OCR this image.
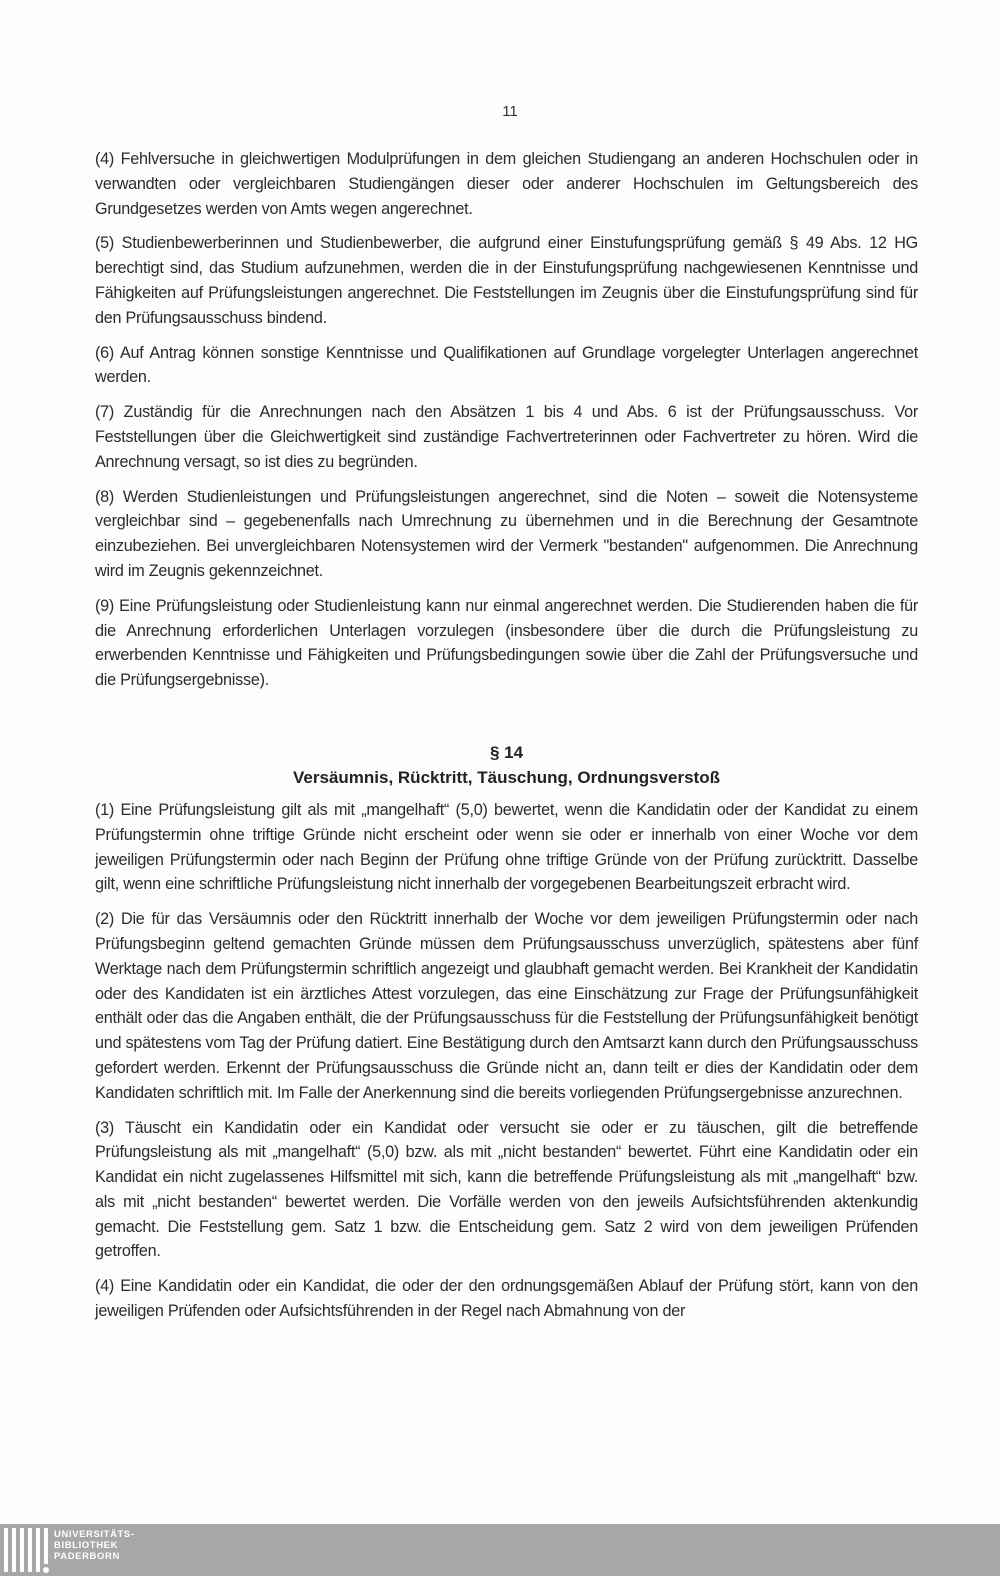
11

(4) Fehlversuche in gleichwertigen Modulprüfungen in dem gleichen Studiengang an anderen Hochschulen oder in verwandten oder vergleichbaren Studiengängen dieser oder anderer Hochschulen im Geltungsbereich des Grundgesetzes werden von Amts wegen angerechnet.

(5) Studienbewerberinnen und Studienbewerber, die aufgrund einer Einstufungsprüfung gemäß § 49 Abs. 12 HG berechtigt sind, das Studium aufzunehmen, werden die in der Einstufungsprüfung nachgewiesenen Kenntnisse und Fähigkeiten auf Prüfungsleistungen angerechnet. Die Feststellungen im Zeugnis über die Einstufungsprüfung sind für den Prüfungsausschuss bindend.

(6) Auf Antrag können sonstige Kenntnisse und Qualifikationen auf Grundlage vorgelegter Unterlagen angerechnet werden.

(7) Zuständig für die Anrechnungen nach den Absätzen 1 bis 4 und Abs. 6 ist der Prüfungsausschuss. Vor Feststellungen über die Gleichwertigkeit sind zuständige Fachvertreterinnen oder Fachvertreter zu hören. Wird die Anrechnung versagt, so ist dies zu begründen.

(8) Werden Studienleistungen und Prüfungsleistungen angerechnet, sind die Noten – soweit die Notensysteme vergleichbar sind – gegebenenfalls nach Umrechnung zu übernehmen und in die Berechnung der Gesamtnote einzubeziehen. Bei unvergleichbaren Notensystemen wird der Vermerk "bestanden" aufgenommen. Die Anrechnung wird im Zeugnis gekennzeichnet.

(9) Eine Prüfungsleistung oder Studienleistung kann nur einmal angerechnet werden. Die Studierenden haben die für die Anrechnung erforderlichen Unterlagen vorzulegen (insbesondere über die durch die Prüfungsleistung zu erwerbenden Kenntnisse und Fähigkeiten und Prüfungsbedingungen sowie über die Zahl der Prüfungsversuche und die Prüfungsergebnisse).

§ 14
Versäumnis, Rücktritt, Täuschung, Ordnungsverstoß

(1) Eine Prüfungsleistung gilt als mit „mangelhaft“ (5,0) bewertet, wenn die Kandidatin oder der Kandidat zu einem Prüfungstermin ohne triftige Gründe nicht erscheint oder wenn sie oder er innerhalb von einer Woche vor dem jeweiligen Prüfungstermin oder nach Beginn der Prüfung ohne triftige Gründe von der Prüfung zurücktritt. Dasselbe gilt, wenn eine schriftliche Prüfungsleistung nicht innerhalb der vorgegebenen Bearbeitungszeit erbracht wird.

(2) Die für das Versäumnis oder den Rücktritt innerhalb der Woche vor dem jeweiligen Prüfungstermin oder nach Prüfungsbeginn geltend gemachten Gründe müssen dem Prüfungsausschuss unverzüglich, spätestens aber fünf Werktage nach dem Prüfungstermin schriftlich angezeigt und glaubhaft gemacht werden. Bei Krankheit der Kandidatin oder des Kandidaten ist ein ärztliches Attest vorzulegen, das eine Einschätzung zur Frage der Prüfungsunfähigkeit enthält oder das die Angaben enthält, die der Prüfungsausschuss für die Feststellung der Prüfungsunfähigkeit benötigt und spätestens vom Tag der Prüfung datiert. Eine Bestätigung durch den Amtsarzt kann durch den Prüfungsausschuss gefordert werden. Erkennt der Prüfungsausschuss die Gründe nicht an, dann teilt er dies der Kandidatin oder dem Kandidaten schriftlich mit. Im Falle der Anerkennung sind die bereits vorliegenden Prüfungsergebnisse anzurechnen.

(3) Täuscht ein Kandidatin oder ein Kandidat oder versucht sie oder er zu täuschen, gilt die betreffende Prüfungsleistung als mit „mangelhaft“ (5,0) bzw. als mit „nicht bestanden“ bewertet. Führt eine Kandidatin oder ein Kandidat ein nicht zugelassenes Hilfsmittel mit sich, kann die betreffende Prüfungsleistung als mit „mangelhaft“ bzw. als mit „nicht bestanden“ bewertet werden. Die Vorfälle werden von den jeweils Aufsichtsführenden aktenkundig gemacht. Die Feststellung gem. Satz 1 bzw. die Entscheidung gem. Satz 2 wird von dem jeweiligen Prüfenden getroffen.

(4) Eine Kandidatin oder ein Kandidat, die oder der den ordnungsgemäßen Ablauf der Prüfung stört, kann von den jeweiligen Prüfenden oder Aufsichtsführenden in der Regel nach Abmahnung von der

UNIVERSITÄTS-
BIBLIOTHEK
PADERBORN
